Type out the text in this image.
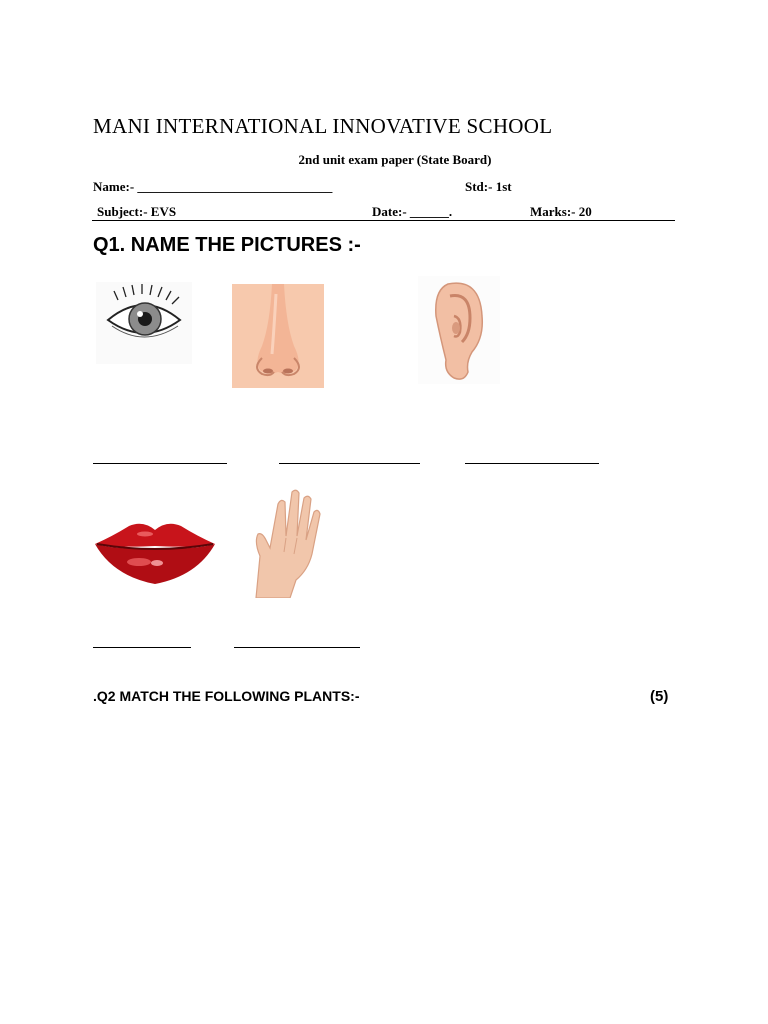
MANI INTERNATIONAL INNOVATIVE SCHOOL
2nd unit exam paper (State Board)
Name:- ______________________________	Std:- 1st
Subject:- EVS	Date:- ______.	Marks:- 20
Q1. NAME THE PICTURES :-
.Q2 MATCH THE FOLLOWING PLANTS:-	(5)
